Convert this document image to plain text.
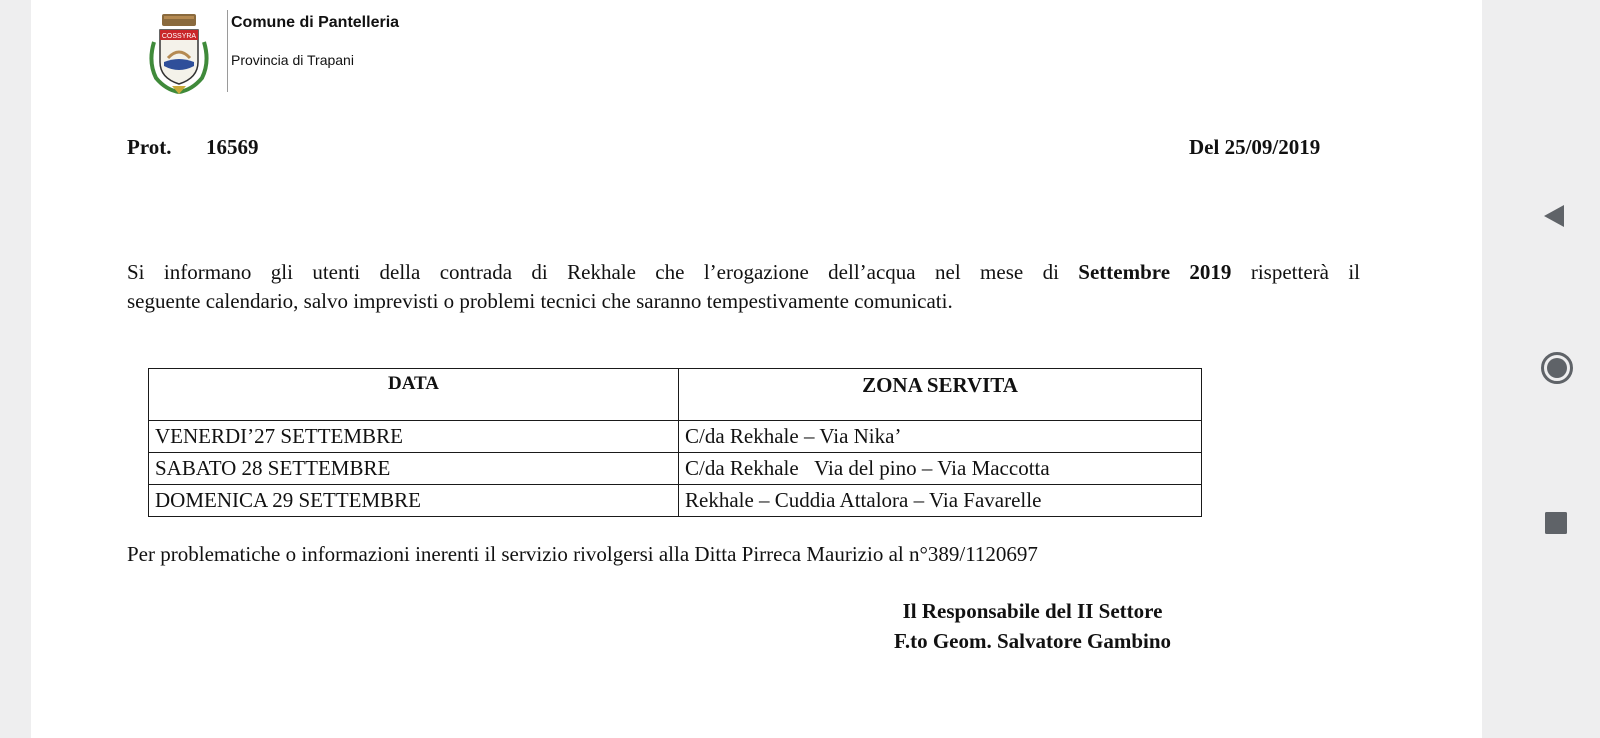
COSSYRA
Comune di Pantelleria
Provincia di Trapani
Prot. 16569	Del 25/09/2019
Si informano gli utenti della contrada di Rekhale che l’erogazione dell’acqua nel mese di Settembre 2019 rispetterà il
seguente calendario, salvo imprevisti o problemi tecnici che saranno tempestivamente comunicati.
DATA	ZONA SERVITA
VENERDI’27 SETTEMBRE	C/da Rekhale – Via Nika’
SABATO 28 SETTEMBRE	C/da Rekhale   Via del pino – Via Maccotta
DOMENICA 29 SETTEMBRE	Rekhale – Cuddia Attalora – Via Favarelle
Per problematiche o informazioni inerenti il servizio rivolgersi alla Ditta Pirreca Maurizio al n°389/1120697
Il Responsabile del II Settore
F.to Geom. Salvatore Gambino
